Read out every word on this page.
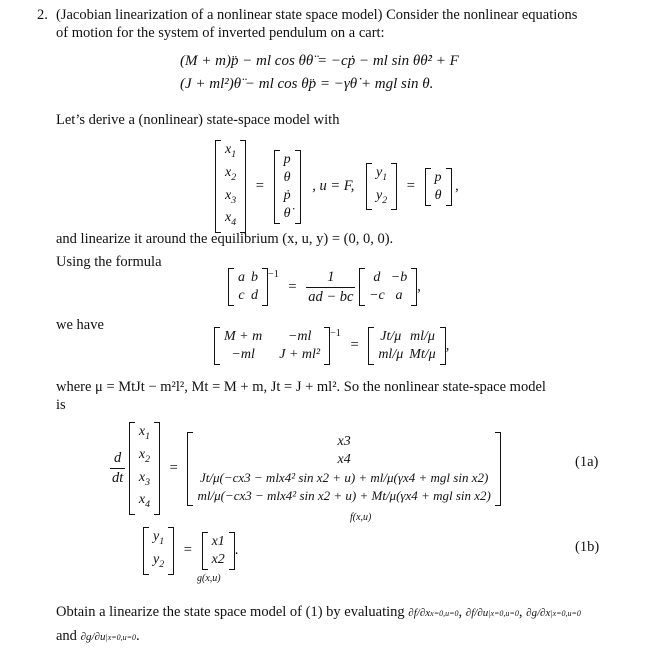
2. (Jacobian linearization of a nonlinear state space model) Consider the nonlinear equations
of motion for the system of inverted pendulum on a cart:
(M + m)p̈ − ml cos θθ̈ = −cṗ − ml sin θθ̇² + F
(J + ml²)θ̈ − ml cos θp̈ = −γθ̇ + mgl sin θ.
Let’s derive a (nonlinear) state-space model with
$x_1$
$x_2$
$x_3$
$x_4$
=
p
θ
ṗ
θ̇
, u = F,
$y_1$
$y_2$
=
p
θ
,
and linearize it around the equilibrium (x, u, y) = (0, 0, 0).
Using the formula
a	b
c	d
$^{-1} = \frac{1}{ad - bc}$
d	−b
−c	a
,
we have
M + m	−ml
−ml	J + ml²
$^{-1}$ =
Jt/μ	ml/μ
ml/μ	Mt/μ
,
where μ = MtJt − m²l², Mt = M + m, Jt = J + ml². So the nonlinear state-space model
is
$\frac{d}{dt}$

$x_1$
$x_2$
$x_3$
$x_4$
=
x3
x4
Jt/μ(−cx3 − mlx4² sin x2 + u) + ml/μ(γx4 + mgl sin x2)
ml/μ(−cx3 − mlx4² sin x2 + u) + Mt/μ(γx4 + mgl sin x2)
f(x,u)
(1a)
$y_1$
$y_2$
=
x1
x2
.
g(x,u)
(1b)
Obtain a linearize the state space model of (1) by evaluating ∂f/∂xx=0,u=0, ∂f/∂u|x=0,u=0, ∂g/∂x|x=0,u=0
and ∂g/∂u|x=0,u=0.
